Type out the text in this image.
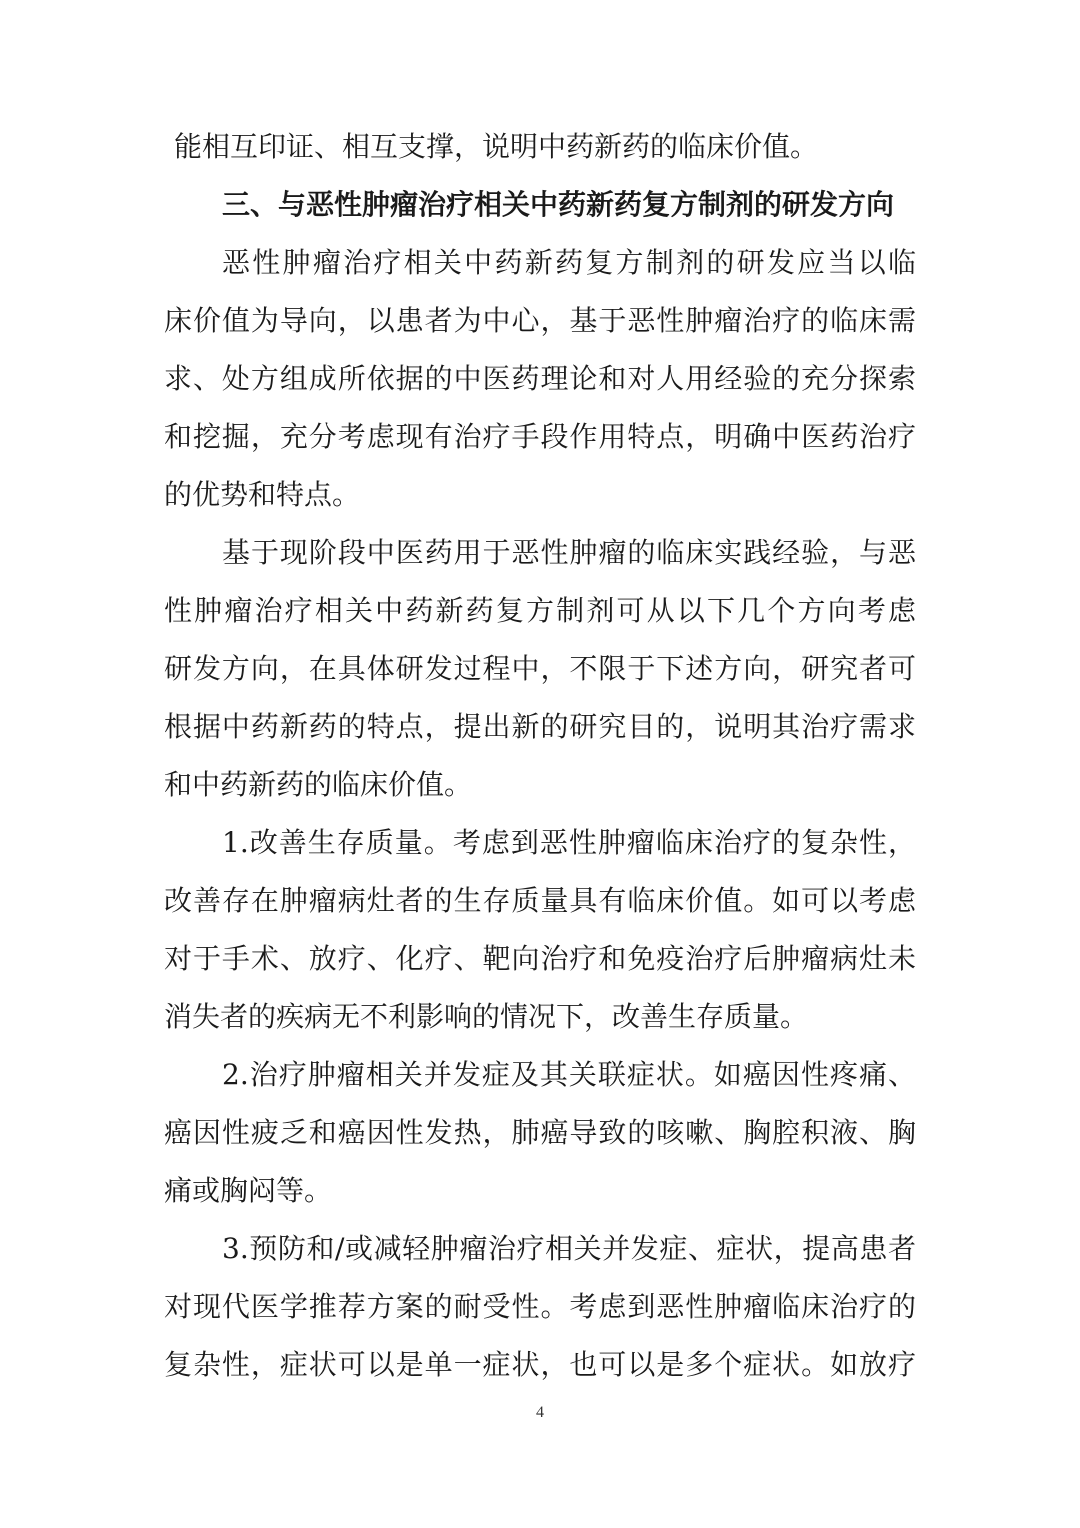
能相互印证、相互支撑，说明中药新药的临床价值。
三、与恶性肿瘤治疗相关中药新药复方制剂的研发方向
恶性肿瘤治疗相关中药新药复方制剂的研发应当以临
床价值为导向，以患者为中心，基于恶性肿瘤治疗的临床需
求、处方组成所依据的中医药理论和对人用经验的充分探索
和挖掘，充分考虑现有治疗手段作用特点，明确中医药治疗
的优势和特点。
基于现阶段中医药用于恶性肿瘤的临床实践经验，与恶
性肿瘤治疗相关中药新药复方制剂可从以下几个方向考虑
研发方向，在具体研发过程中，不限于下述方向，研究者可
根据中药新药的特点，提出新的研究目的，说明其治疗需求
和中药新药的临床价值。
1.改善生存质量。考虑到恶性肿瘤临床治疗的复杂性，
改善存在肿瘤病灶者的生存质量具有临床价值。如可以考虑
对于手术、放疗、化疗、靶向治疗和免疫治疗后肿瘤病灶未
消失者的疾病无不利影响的情况下，改善生存质量。
2.治疗肿瘤相关并发症及其关联症状。如癌因性疼痛、
癌因性疲乏和癌因性发热，肺癌导致的咳嗽、胸腔积液、胸
痛或胸闷等。
3.预防和/或减轻肿瘤治疗相关并发症、症状，提高患者
对现代医学推荐方案的耐受性。考虑到恶性肿瘤临床治疗的
复杂性，症状可以是单一症状，也可以是多个症状。如放疗
4
